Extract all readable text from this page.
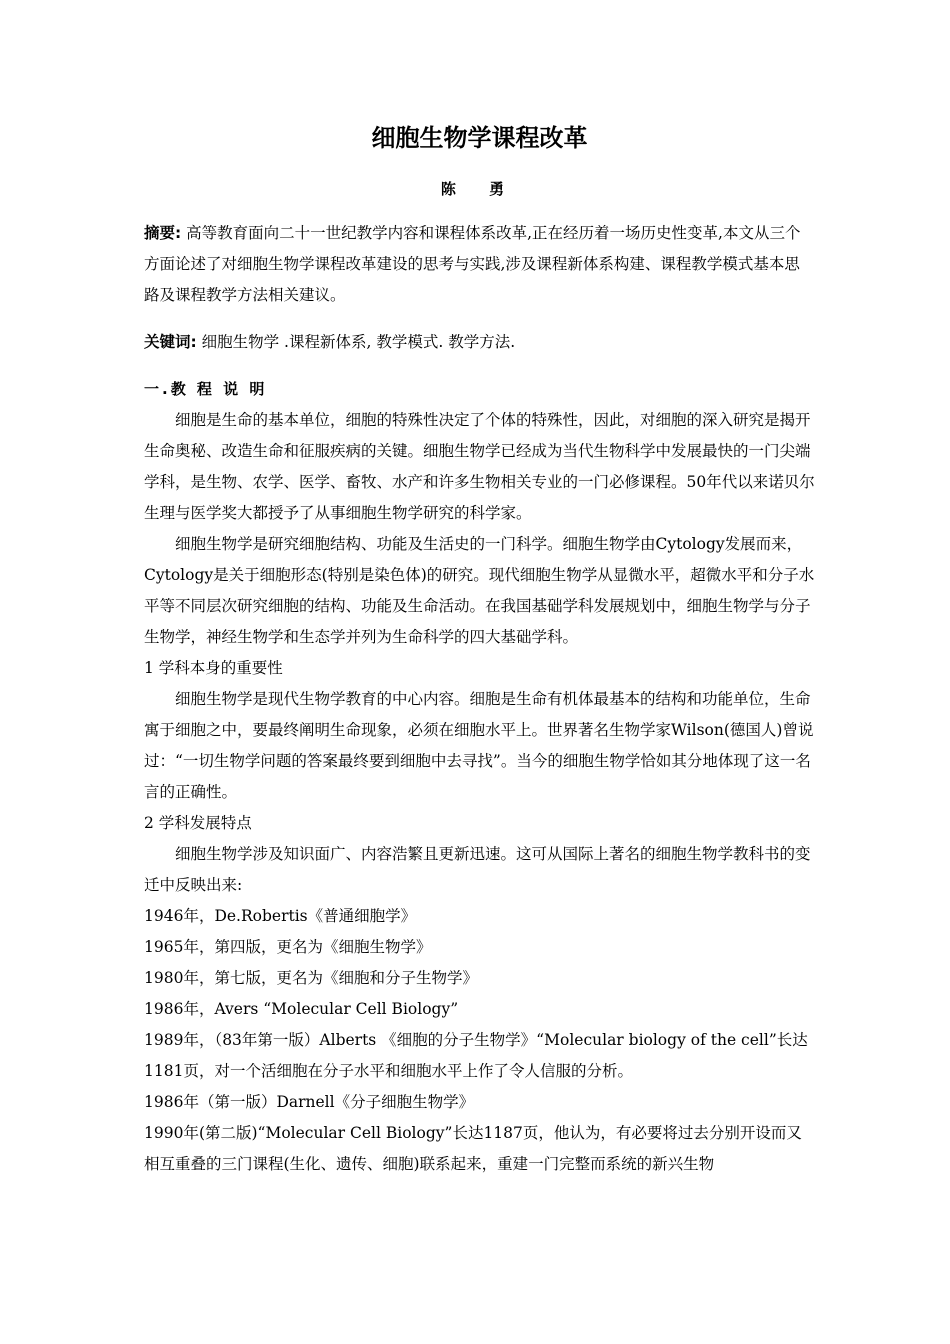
细胞生物学课程改革
陈 勇

摘要: 高等教育面向二十一世纪教学内容和课程体系改革,正在经历着一场历史性变革,本文从三个方面论述了对细胞生物学课程改革建设的思考与实践,涉及课程新体系构建、课程教学模式基本思路及课程教学方法相关建议。

关键词: 细胞生物学 .课程新体系, 教学模式. 教学方法.

一.教 程 说 明

细胞是生命的基本单位，细胞的特殊性决定了个体的特殊性，因此，对细胞的深入研究是揭开生命奥秘、改造生命和征服疾病的关键。细胞生物学已经成为当代生物科学中发展最快的一门尖端学科，是生物、农学、医学、畜牧、水产和许多生物相关专业的一门必修课程。50年代以来诺贝尔生理与医学奖大都授予了从事细胞生物学研究的科学家。

细胞生物学是研究细胞结构、功能及生活史的一门科学。细胞生物学由Cytology发展而来，Cytology是关于细胞形态(特别是染色体)的研究。现代细胞生物学从显微水平，超微水平和分子水平等不同层次研究细胞的结构、功能及生命活动。在我国基础学科发展规划中，细胞生物学与分子生物学，神经生物学和生态学并列为生命科学的四大基础学科。

1 学科本身的重要性

细胞生物学是现代生物学教育的中心内容。细胞是生命有机体最基本的结构和功能单位，生命寓于细胞之中，要最终阐明生命现象，必须在细胞水平上。世界著名生物学家Wilson(德国人)曾说过：“一切生物学问题的答案最终要到细胞中去寻找”。当今的细胞生物学恰如其分地体现了这一名言的正确性。

2 学科发展特点

细胞生物学涉及知识面广、内容浩繁且更新迅速。这可从国际上著名的细胞生物学教科书的变迁中反映出来:

1946年，De.Robertis《普通细胞学》
1965年，第四版，更名为《细胞生物学》
1980年，第七版，更名为《细胞和分子生物学》
1986年，Avers “Molecular Cell Biology”
1989年，（83年第一版）Alberts 《细胞的分子生物学》“Molecular biology of the cell”长达1181页，对一个活细胞在分子水平和细胞水平上作了令人信服的分析。
1986年（第一版）Darnell《分子细胞生物学》
1990年(第二版)“Molecular Cell Biology”长达1187页，他认为，有必要将过去分别开设而又相互重叠的三门课程(生化、遗传、细胞)联系起来，重建一门完整而系统的新兴生物
